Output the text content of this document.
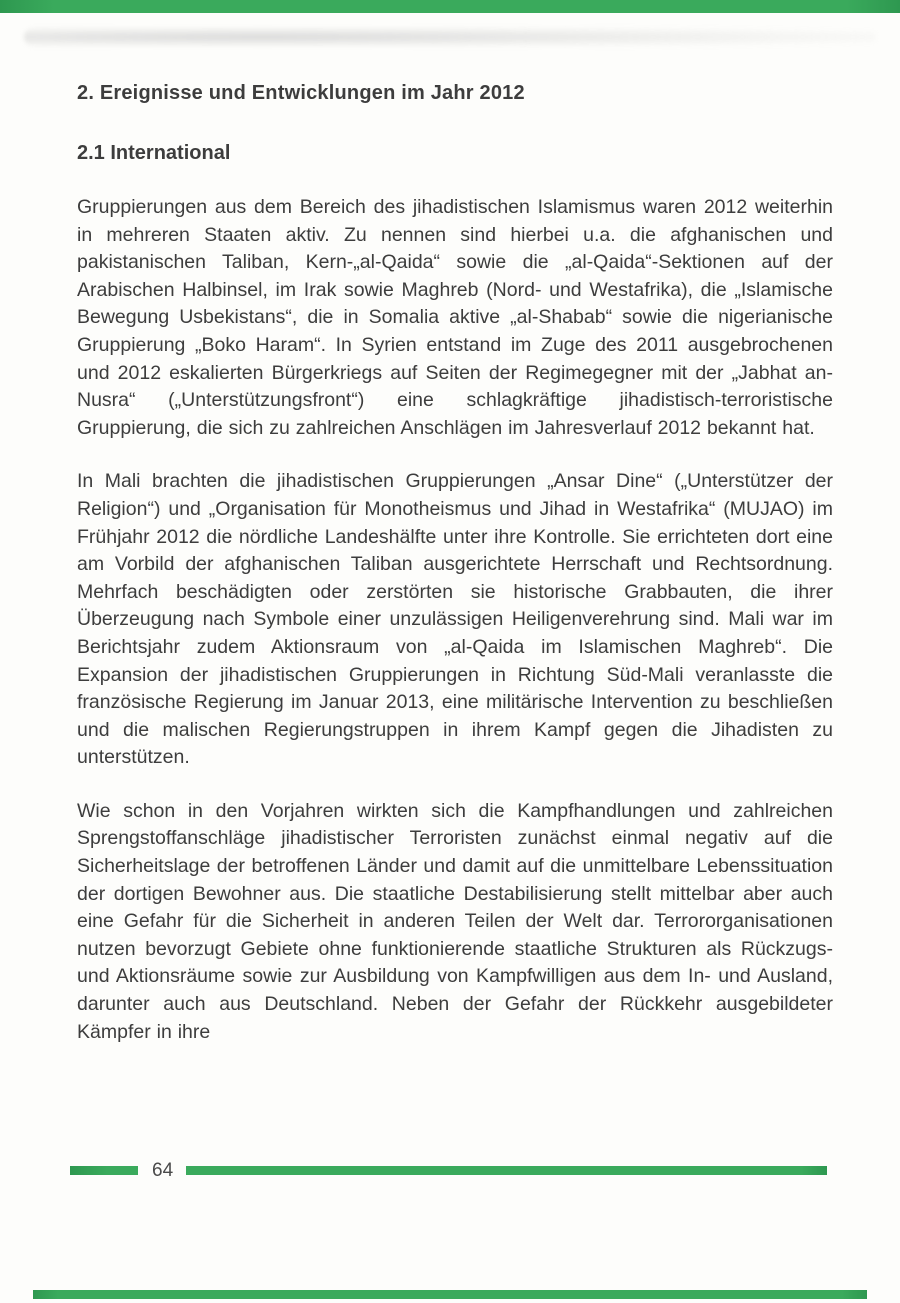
2. Ereignisse und Entwicklungen im Jahr 2012
2.1 International

Gruppierungen aus dem Bereich des jihadistischen Islamismus waren 2012 weiterhin in mehreren Staaten aktiv. Zu nennen sind hierbei u.a. die afghanischen und pakistanischen Taliban, Kern-„al-Qaida“ sowie die „al-Qaida“-Sektionen auf der Arabischen Halbinsel, im Irak sowie Maghreb (Nord- und Westafrika), die „Islamische Bewegung Usbekistans“, die in Somalia aktive „al-Shabab“ sowie die nigerianische Gruppierung „Boko Haram“. In Syrien entstand im Zuge des 2011 ausgebrochenen und 2012 eskalierten Bürgerkriegs auf Seiten der Regimegegner mit der „Jabhat an-Nusra“ („Unterstützungsfront“) eine schlagkräftige jihadistisch-terroristische Gruppierung, die sich zu zahlreichen Anschlägen im Jahresverlauf 2012 bekannt hat.

In Mali brachten die jihadistischen Gruppierungen „Ansar Dine“ („Unterstützer der Religion“) und „Organisation für Monotheismus und Jihad in Westafrika“ (MUJAO) im Frühjahr 2012 die nördliche Landeshälfte unter ihre Kontrolle. Sie errichteten dort eine am Vorbild der afghanischen Taliban ausgerichtete Herrschaft und Rechtsordnung. Mehrfach beschädigten oder zerstörten sie historische Grabbauten, die ihrer Überzeugung nach Symbole einer unzulässigen Heiligenverehrung sind. Mali war im Berichtsjahr zudem Aktionsraum von „al-Qaida im Islamischen Maghreb“. Die Expansion der jihadistischen Gruppierungen in Richtung Süd-Mali veranlasste die französische Regierung im Januar 2013, eine militärische Intervention zu beschließen und die malischen Regierungstruppen in ihrem Kampf gegen die Jihadisten zu unterstützen.

Wie schon in den Vorjahren wirkten sich die Kampfhandlungen und zahlreichen Sprengstoffanschläge jihadistischer Terroristen zunächst einmal negativ auf die Sicherheitslage der betroffenen Länder und damit auf die unmittelbare Lebenssituation der dortigen Bewohner aus. Die staatliche Destabilisierung stellt mittelbar aber auch eine Gefahr für die Sicherheit in anderen Teilen der Welt dar. Terrororganisationen nutzen bevorzugt Gebiete ohne funktionierende staatliche Strukturen als Rückzugs- und Aktionsräume sowie zur Ausbildung von Kampfwilligen aus dem In- und Ausland, darunter auch aus Deutschland. Neben der Gefahr der Rückkehr ausgebildeter Kämpfer in ihre

64
